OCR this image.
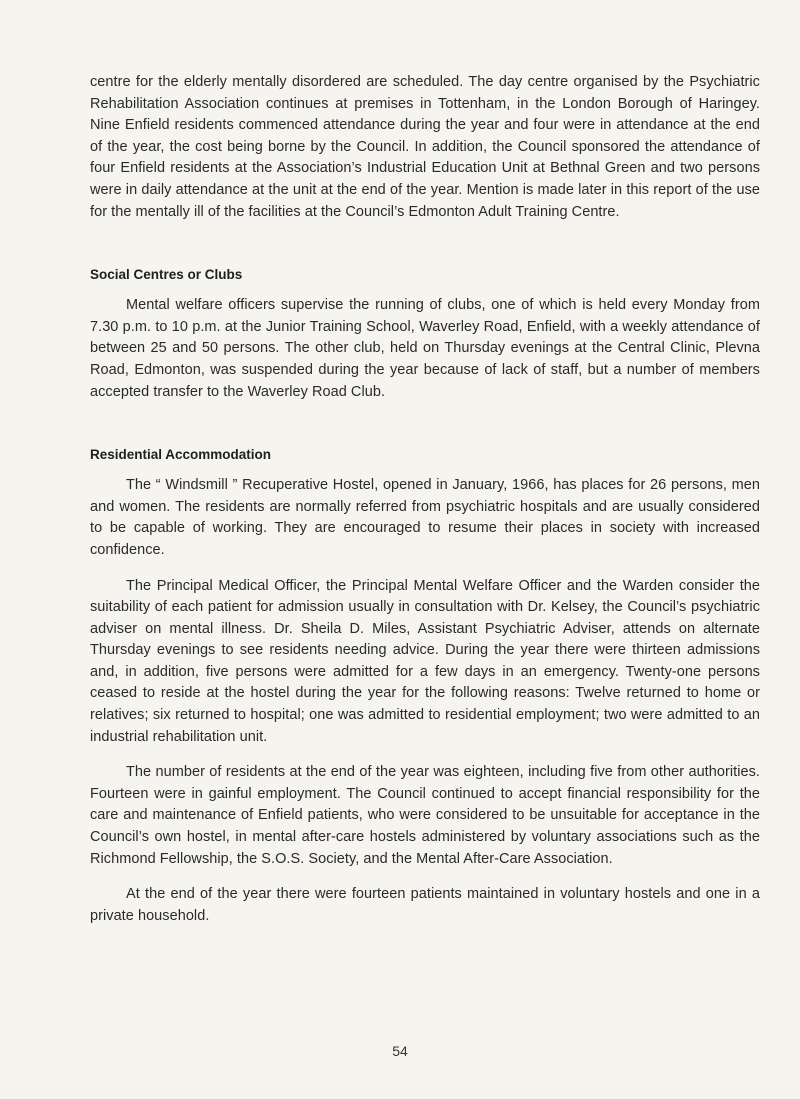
centre for the elderly mentally disordered are scheduled. The day centre organised by the Psychiatric Rehabilitation Association continues at premises in Tottenham, in the London Borough of Haringey. Nine Enfield residents commenced attendance during the year and four were in attendance at the end of the year, the cost being borne by the Council. In addition, the Council sponsored the attendance of four Enfield residents at the Association’s Industrial Education Unit at Bethnal Green and two persons were in daily attendance at the unit at the end of the year. Mention is made later in this report of the use for the mentally ill of the facilities at the Council’s Edmonton Adult Training Centre.

Social Centres or Clubs

Mental welfare officers supervise the running of clubs, one of which is held every Monday from 7.30 p.m. to 10 p.m. at the Junior Training School, Waverley Road, Enfield, with a weekly attendance of between 25 and 50 persons. The other club, held on Thursday evenings at the Central Clinic, Plevna Road, Edmonton, was suspended during the year because of lack of staff, but a number of members accepted transfer to the Waverley Road Club.

Residential Accommodation

The “ Windsmill ” Recuperative Hostel, opened in January, 1966, has places for 26 persons, men and women. The residents are normally referred from psychiatric hospitals and are usually considered to be capable of working. They are encouraged to resume their places in society with increased confidence.

The Principal Medical Officer, the Principal Mental Welfare Officer and the Warden consider the suitability of each patient for admission usually in consultation with Dr. Kelsey, the Council’s psychiatric adviser on mental illness. Dr. Sheila D. Miles, Assistant Psychiatric Adviser, attends on alternate Thursday evenings to see residents needing advice. During the year there were thirteen admissions and, in addition, five persons were admitted for a few days in an emergency. Twenty-one persons ceased to reside at the hostel during the year for the following reasons: Twelve returned to home or relatives; six returned to hospital; one was admitted to residential employment; two were admitted to an industrial rehabilitation unit.

The number of residents at the end of the year was eighteen, including five from other authorities. Fourteen were in gainful employment. The Council continued to accept financial responsibility for the care and maintenance of Enfield patients, who were considered to be unsuitable for acceptance in the Council’s own hostel, in mental after-care hostels administered by voluntary associations such as the Richmond Fellowship, the S.O.S. Society, and the Mental After-Care Association.

At the end of the year there were fourteen patients maintained in voluntary hostels and one in a private household.

54
